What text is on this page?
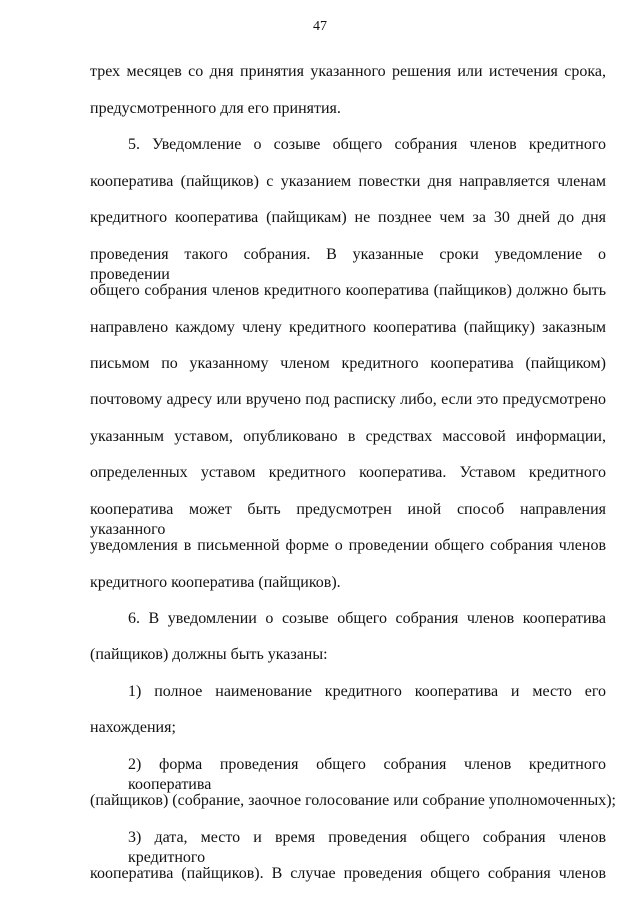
47
трех месяцев со дня принятия указанного решения или истечения срока,
предусмотренного для его принятия.
5. Уведомление о созыве общего собрания членов кредитного
кооператива (пайщиков) с указанием повестки дня направляется членам
кредитного кооператива (пайщикам) не позднее чем за 30 дней до дня
проведения такого собрания. В указанные сроки уведомление о проведении
общего собрания членов кредитного кооператива (пайщиков) должно быть
направлено каждому члену кредитного кооператива (пайщику) заказным
письмом по указанному членом кредитного кооператива (пайщиком)
почтовому адресу или вручено под расписку либо, если это предусмотрено
указанным уставом, опубликовано в средствах массовой информации,
определенных уставом кредитного кооператива. Уставом кредитного
кооператива может быть предусмотрен иной способ направления указанного
уведомления в письменной форме о проведении общего собрания членов
кредитного кооператива (пайщиков).
6. В уведомлении о созыве общего собрания членов кооператива
(пайщиков) должны быть указаны:
1) полное наименование кредитного кооператива и место его
нахождения;
2) форма проведения общего собрания членов кредитного кооператива
(пайщиков) (собрание, заочное голосование или собрание уполномоченных);
3) дата, место и время проведения общего собрания членов кредитного
кооператива (пайщиков). В случае проведения общего собрания членов
